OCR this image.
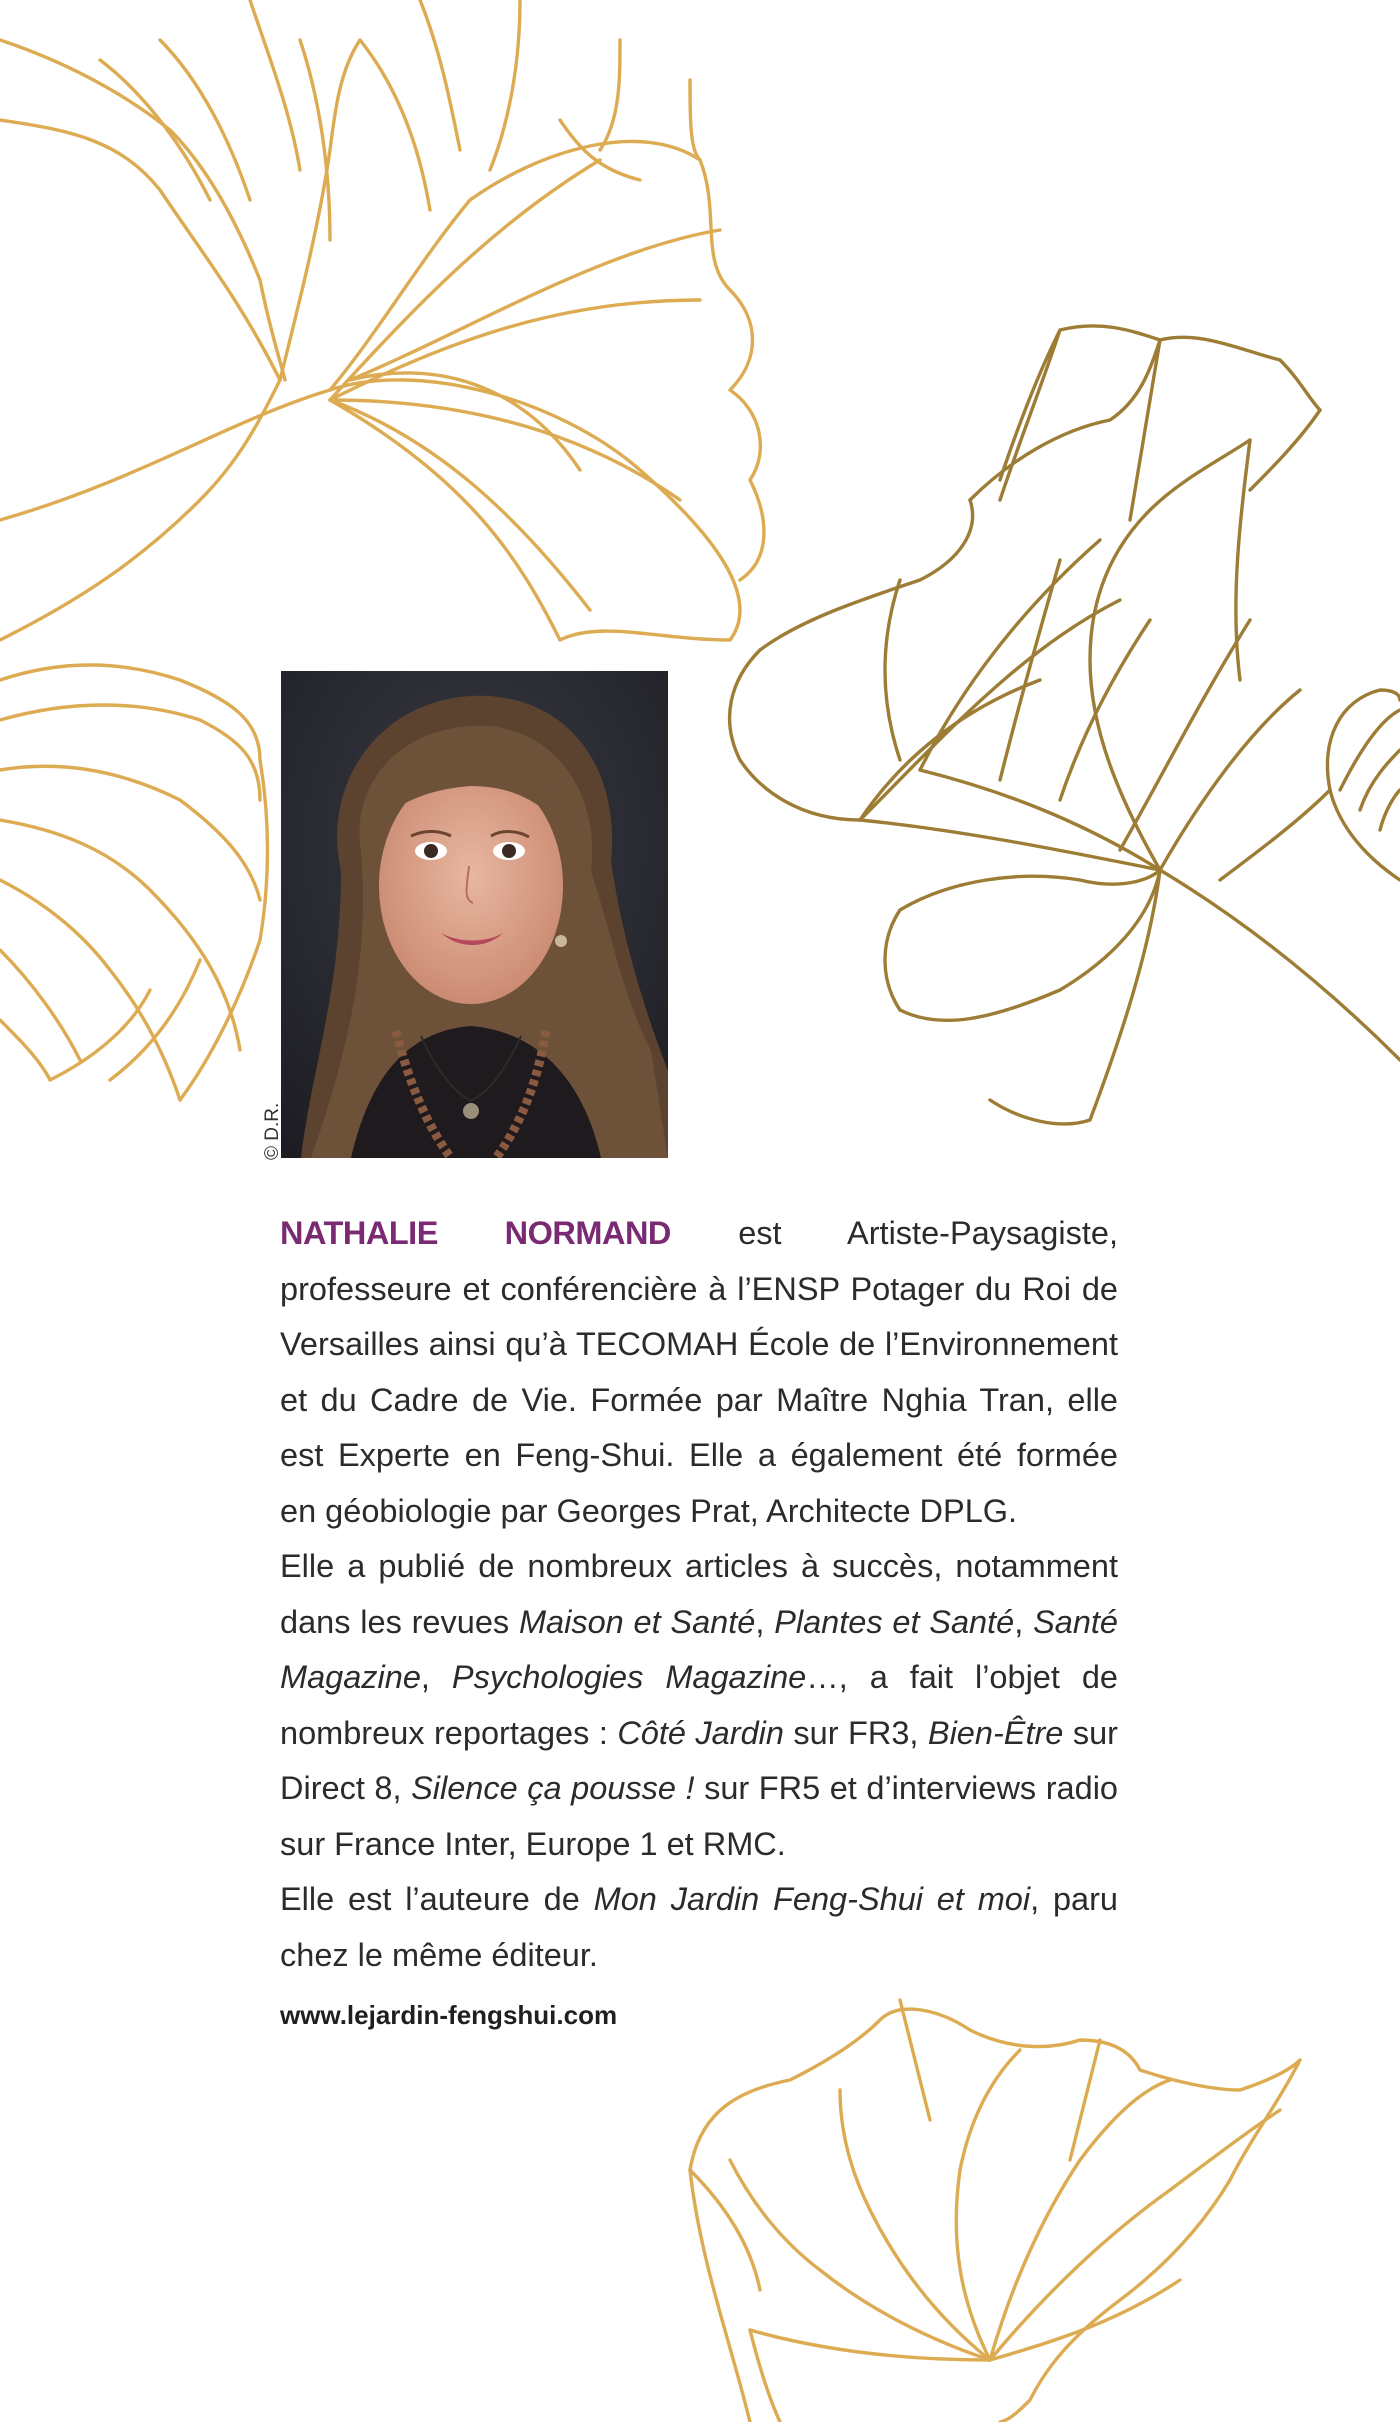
© D.R.

NATHALIE NORMAND est Artiste-Paysagiste, professeure et conférencière à l’ENSP Potager du Roi de Versailles ainsi qu’à TECOMAH École de l’Environnement et du Cadre de Vie. Formée par Maître Nghia Tran, elle est Experte en Feng-Shui. Elle a également été formée en géobiologie par Georges Prat, Architecte DPLG.

Elle a publié de nombreux articles à succès, notamment dans les revues Maison et Santé, Plantes et Santé, Santé Magazine, Psychologies Magazine…, a fait l’objet de nombreux reportages : Côté Jardin sur FR3, Bien-Être sur Direct 8, Silence ça pousse ! sur FR5 et d’interviews radio sur France Inter, Europe 1 et RMC.

Elle est l’auteure de Mon Jardin Feng-Shui et moi, paru chez le même éditeur.

www.lejardin-fengshui.com
